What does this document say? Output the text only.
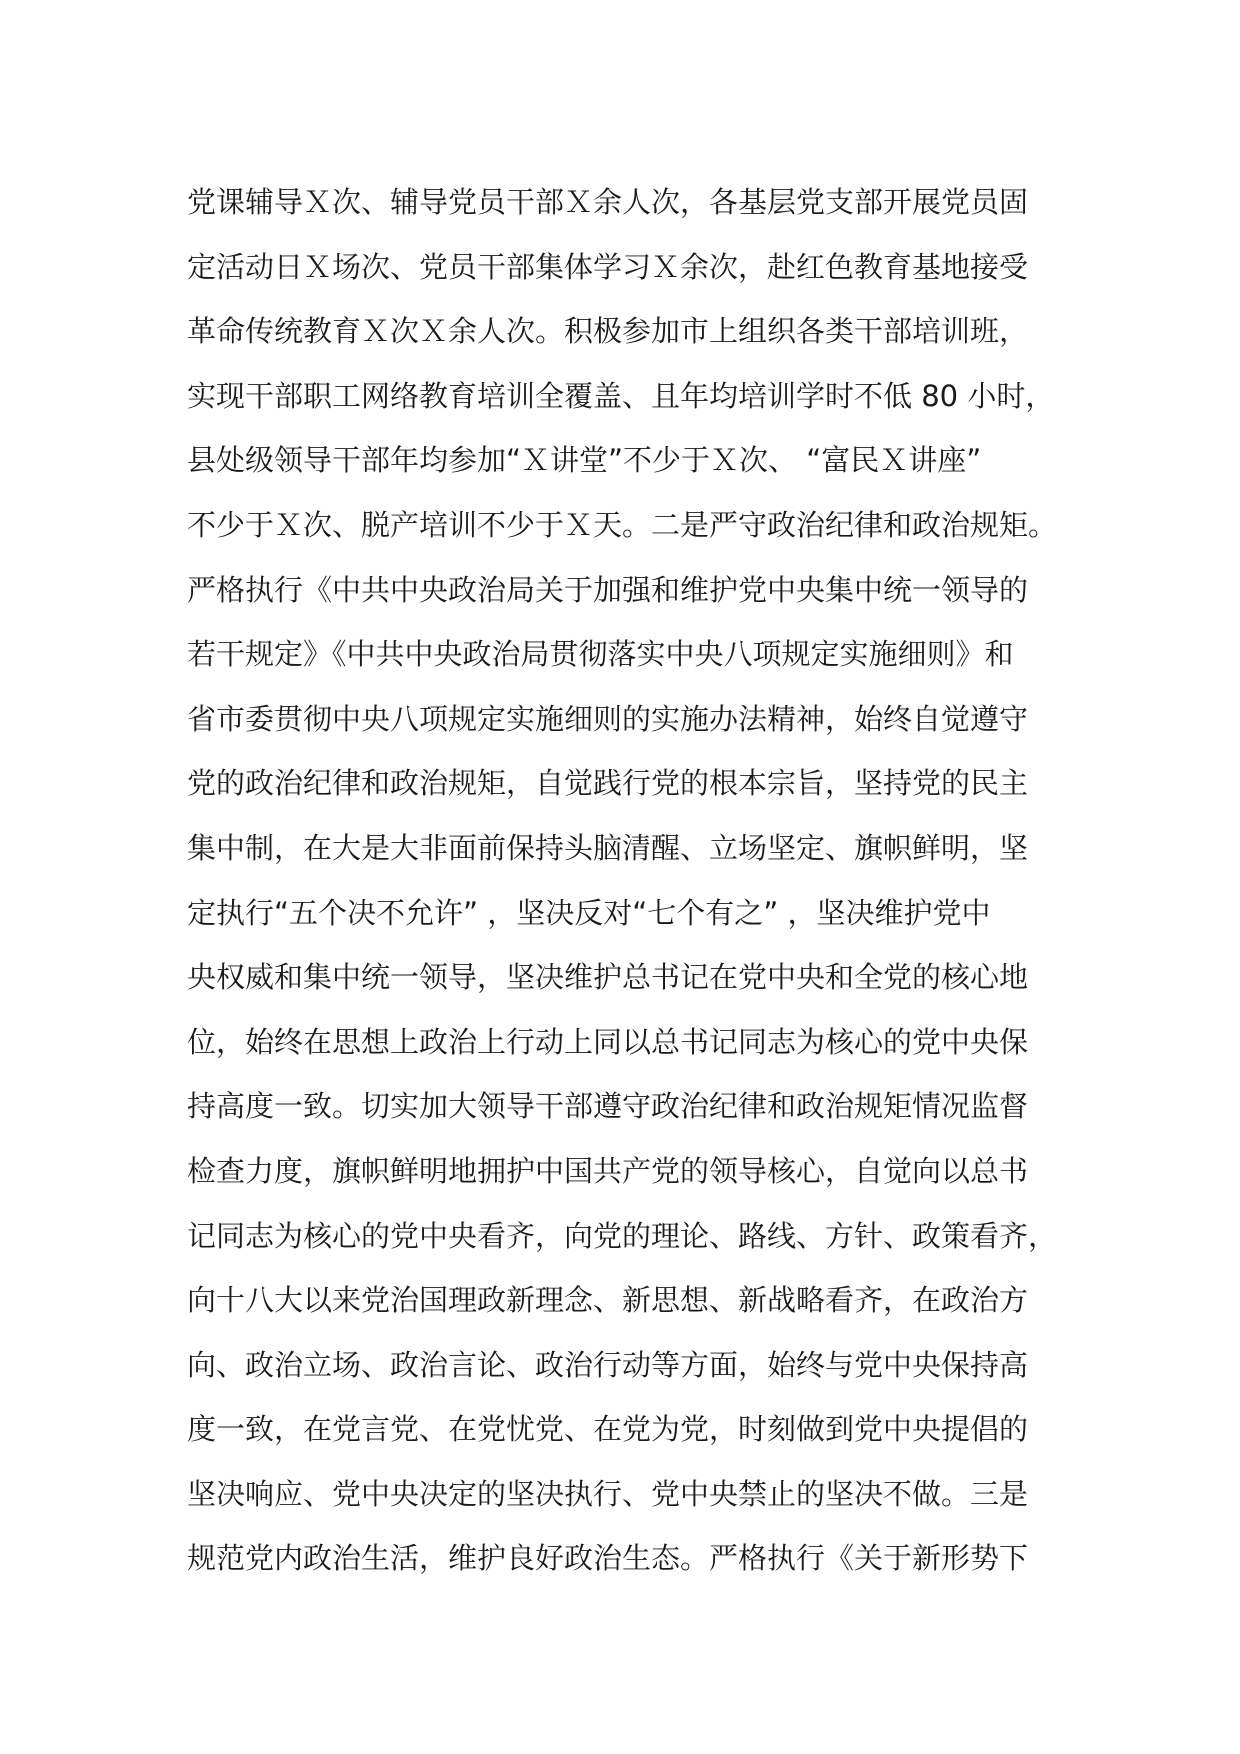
党课辅导Ｘ次、辅导党员干部Ｘ余人次，各基层党支部开展党员固
定活动日Ｘ场次、党员干部集体学习Ｘ余次，赴红色教育基地接受
革命传统教育Ｘ次Ｘ余人次。积极参加市上组织各类干部培训班，
实现干部职工网络教育培训全覆盖、且年均培训学时不低 80 小时，
县处级领导干部年均参加“Ｘ讲堂”不少于Ｘ次、 “富民Ｘ讲座”
不少于Ｘ次、脱产培训不少于Ｘ天。二是严守政治纪律和政治规矩。
严格执行《中共中央政治局关于加强和维护党中央集中统一领导的
若干规定》《中共中央政治局贯彻落实中央八项规定实施细则》和
省市委贯彻中央八项规定实施细则的实施办法精神，始终自觉遵守
党的政治纪律和政治规矩，自觉践行党的根本宗旨，坚持党的民主
集中制，在大是大非面前保持头脑清醒、立场坚定、旗帜鲜明，坚
定执行“五个决不允许” ，坚决反对“七个有之” ，坚决维护党中
央权威和集中统一领导，坚决维护总书记在党中央和全党的核心地
位，始终在思想上政治上行动上同以总书记同志为核心的党中央保
持高度一致。切实加大领导干部遵守政治纪律和政治规矩情况监督
检查力度，旗帜鲜明地拥护中国共产党的领导核心，自觉向以总书
记同志为核心的党中央看齐，向党的理论、路线、方针、政策看齐，
向十八大以来党治国理政新理念、新思想、新战略看齐，在政治方
向、政治立场、政治言论、政治行动等方面，始终与党中央保持高
度一致，在党言党、在党忧党、在党为党，时刻做到党中央提倡的
坚决响应、党中央决定的坚决执行、党中央禁止的坚决不做。三是
规范党内政治生活，维护良好政治生态。严格执行《关于新形势下
